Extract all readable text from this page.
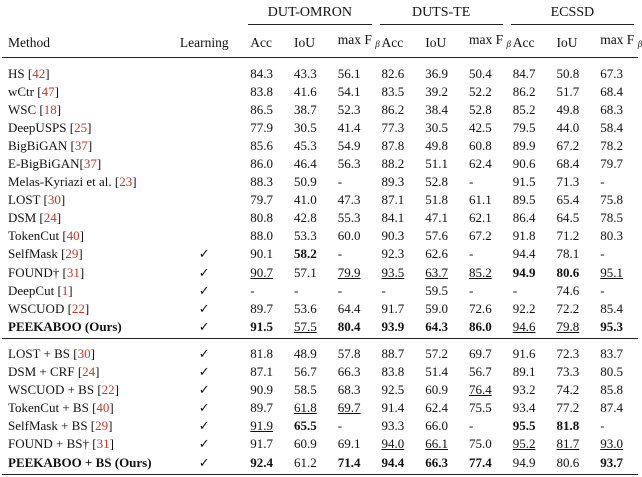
		DUT-OMRON			DUTS-TE			ECSSD		

Method	Learning	Acc	IoU	max F $_\beta$	Acc	IoU	max F $_\beta$	Acc	IoU	max F $_\beta$
HS [42]		84.3	43.3	56.1	82.6	36.9	50.4	84.7	50.8	67.3
wCtr [47]		83.8	41.6	54.1	83.5	39.2	52.2	86.2	51.7	68.4
WSC [18]		86.5	38.7	52.3	86.2	38.4	52.8	85.2	49.8	68.3
DeepUSPS [25]		77.9	30.5	41.4	77.3	30.5	42.5	79.5	44.0	58.4
BigBiGAN [37]		85.6	45.3	54.9	87.8	49.8	60.8	89.9	67.2	78.2
E-BigBiGAN[37]		86.0	46.4	56.3	88.2	51.1	62.4	90.6	68.4	79.7
Melas-Kyriazi et al. [23]		88.3	50.9	-	89.3	52.8	-	91.5	71.3	-
LOST [30]		79.7	41.0	47.3	87.1	51.8	61.1	89.5	65.4	75.8
DSM [24]		80.8	42.8	55.3	84.1	47.1	62.1	86.4	64.5	78.5
TokenCut [40]		88.0	53.3	60.0	90.3	57.6	67.2	91.8	71.2	80.3
SelfMask [29]	✓	90.1	58.2	-	92.3	62.6	-	94.4	78.1	-
FOUND† [31]	✓	90.7	57.1	79.9	93.5	63.7	85.2	94.9	80.6	95.1
DeepCut [1]	✓	-	-	-	-	59.5	-	-	74.6	-
WSCUOD [22]	✓	89.7	53.6	64.4	91.7	59.0	72.6	92.2	72.2	85.4
PEEKABOO (Ours)	✓	91.5	57.5	80.4	93.9	64.3	86.0	94.6	79.8	95.3
LOST + BS [30]	✓	81.8	48.9	57.8	88.7	57.2	69.7	91.6	72.3	83.7
DSM + CRF [24]	✓	87.1	56.7	66.3	83.8	51.4	56.7	89.1	73.3	80.5
WSCUOD + BS [22]	✓	90.9	58.5	68.3	92.5	60.9	76.4	93.2	74.2	85.8
TokenCut + BS [40]	✓	89.7	61.8	69.7	91.4	62.4	75.5	93.4	77.2	87.4
SelfMask + BS [29]	✓	91.9	65.5	-	93.3	66.0	-	95.5	81.8	-
FOUND + BS† [31]	✓	91.7	60.9	69.1	94.0	66.1	75.0	95.2	81.7	93.0
PEEKABOO + BS (Ours)	✓	92.4	61.2	71.4	94.4	66.3	77.4	94.9	80.6	93.7
